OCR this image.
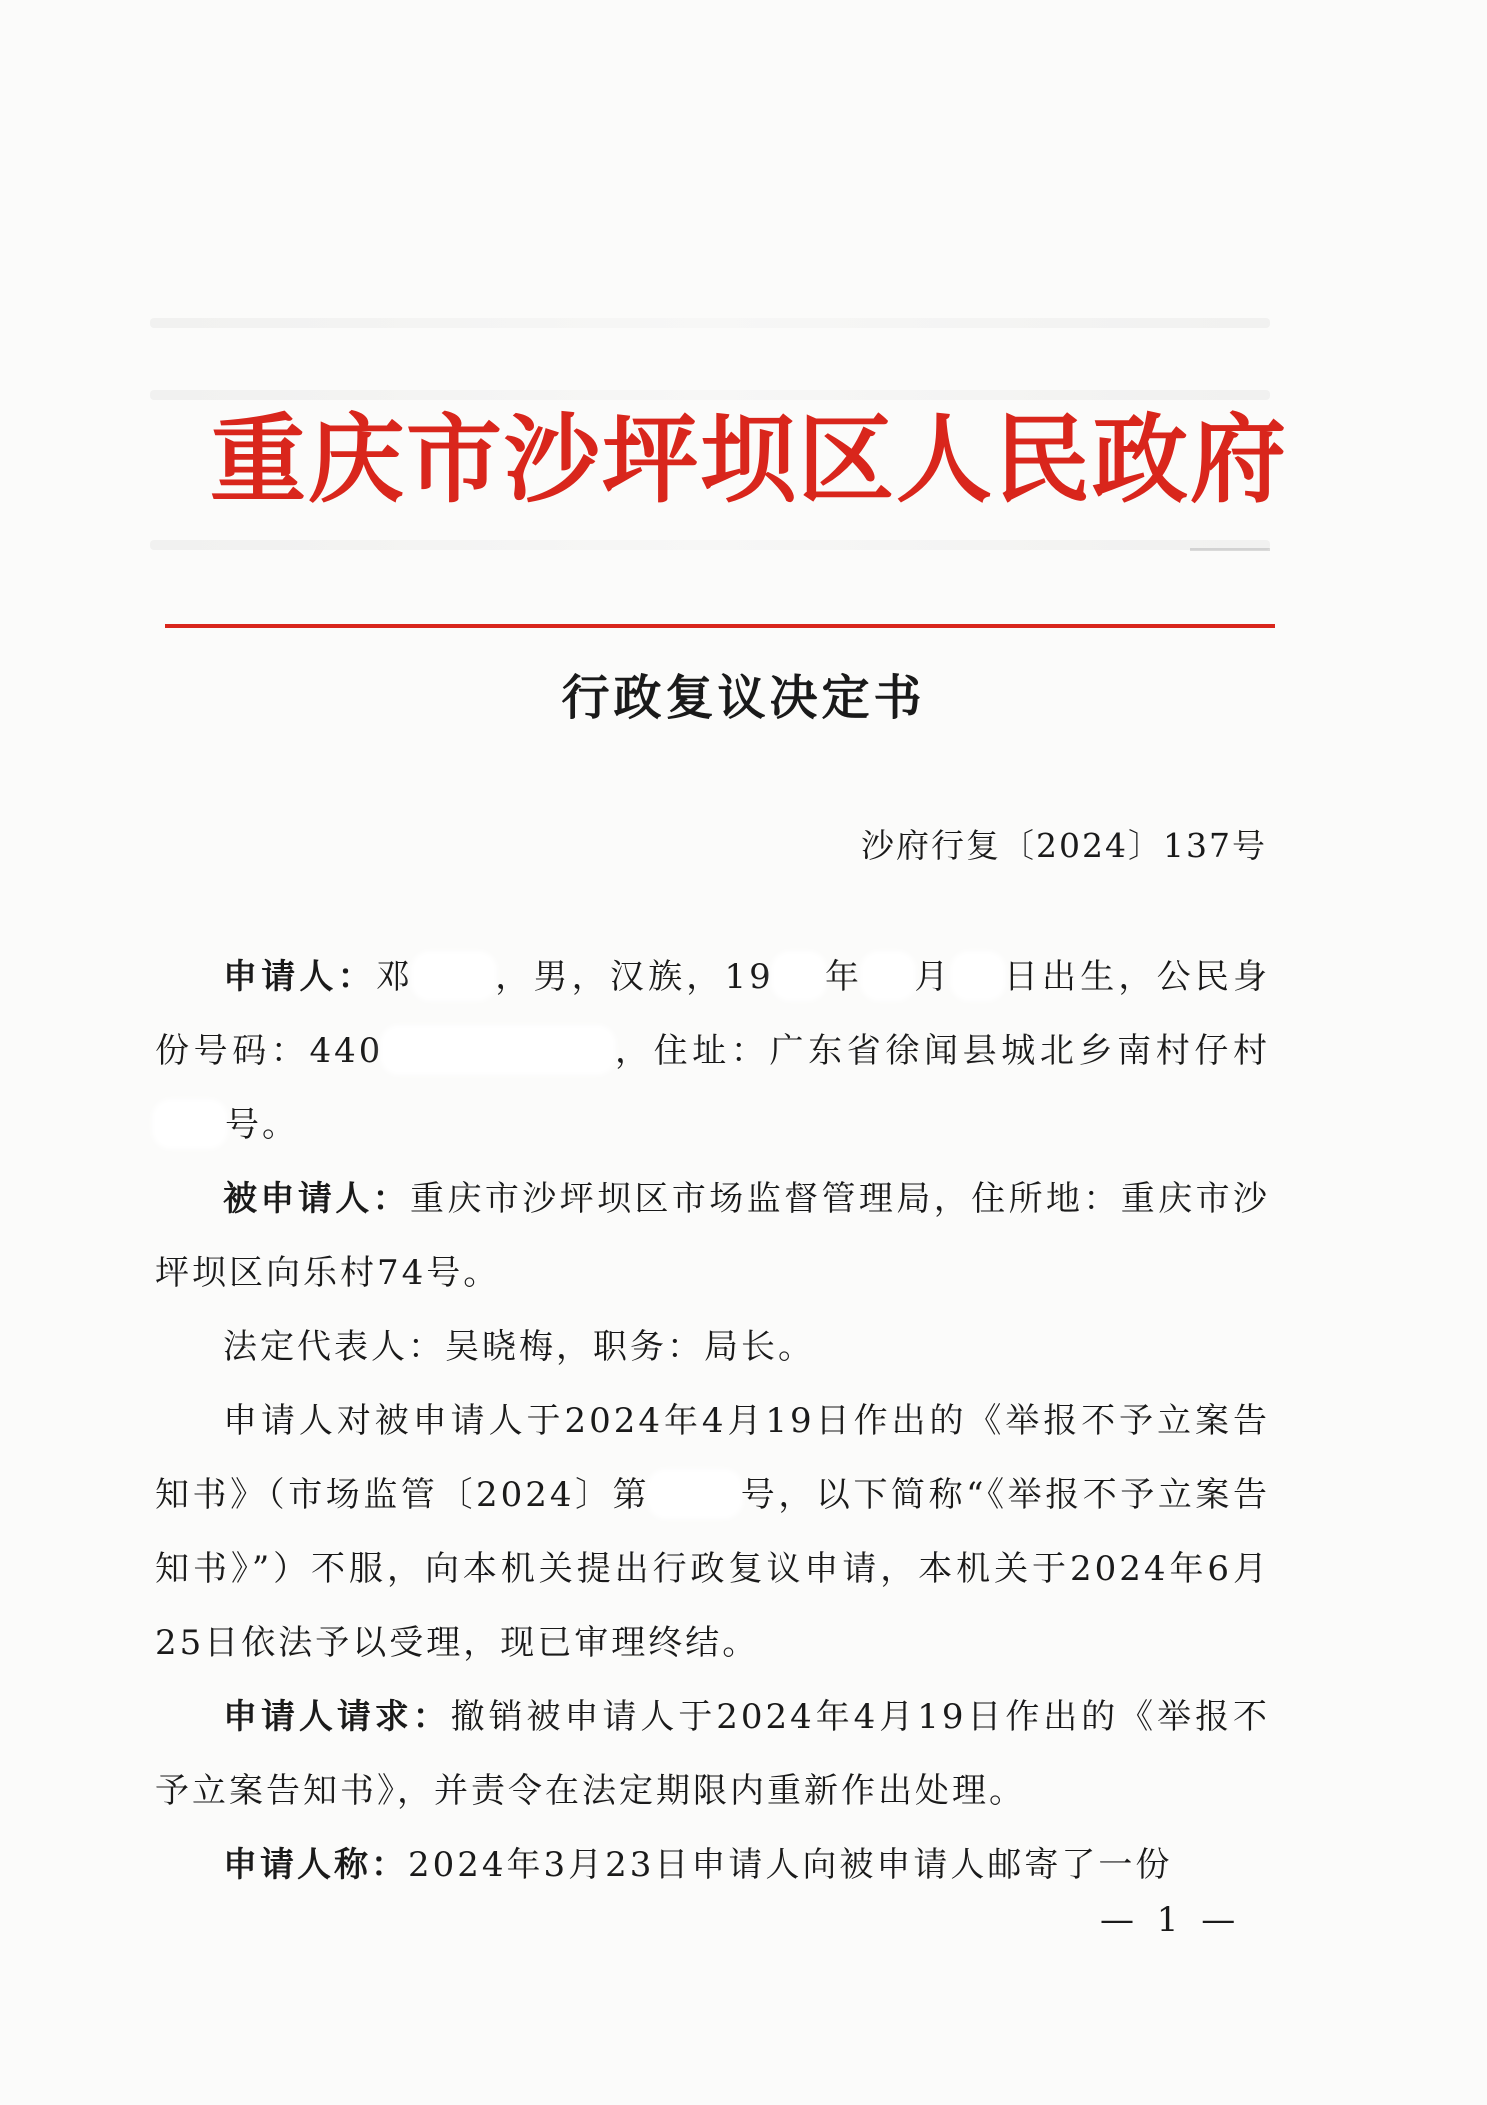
重庆市沙坪坝区人民政府
行政复议决定书
沙府行复〔2024〕137号

申请人：邓 ，男，汉族，19 年 月 日出生，公民身份号码：440	，住址：广东省徐闻县城北乡南村仔村号。

被申请人：重庆市沙坪坝区市场监督管理局，住所地：重庆市沙坪坝区向乐村74号。

法定代表人：吴晓梅，职务：局长。

申请人对被申请人于2024年4月19日作出的《举报不予立案告知书》（市场监管〔2024〕第	号，以下简称“《举报不予立案告知书》”）不服，向本机关提出行政复议申请，本机关于2024年6月25日依法予以受理，现已审理终结。

申请人请求：撤销被申请人于2024年4月19日作出的《举报不予立案告知书》，并责令在法定期限内重新作出处理。

申请人称：2024年3月23日申请人向被申请人邮寄了一份

— 1 —
